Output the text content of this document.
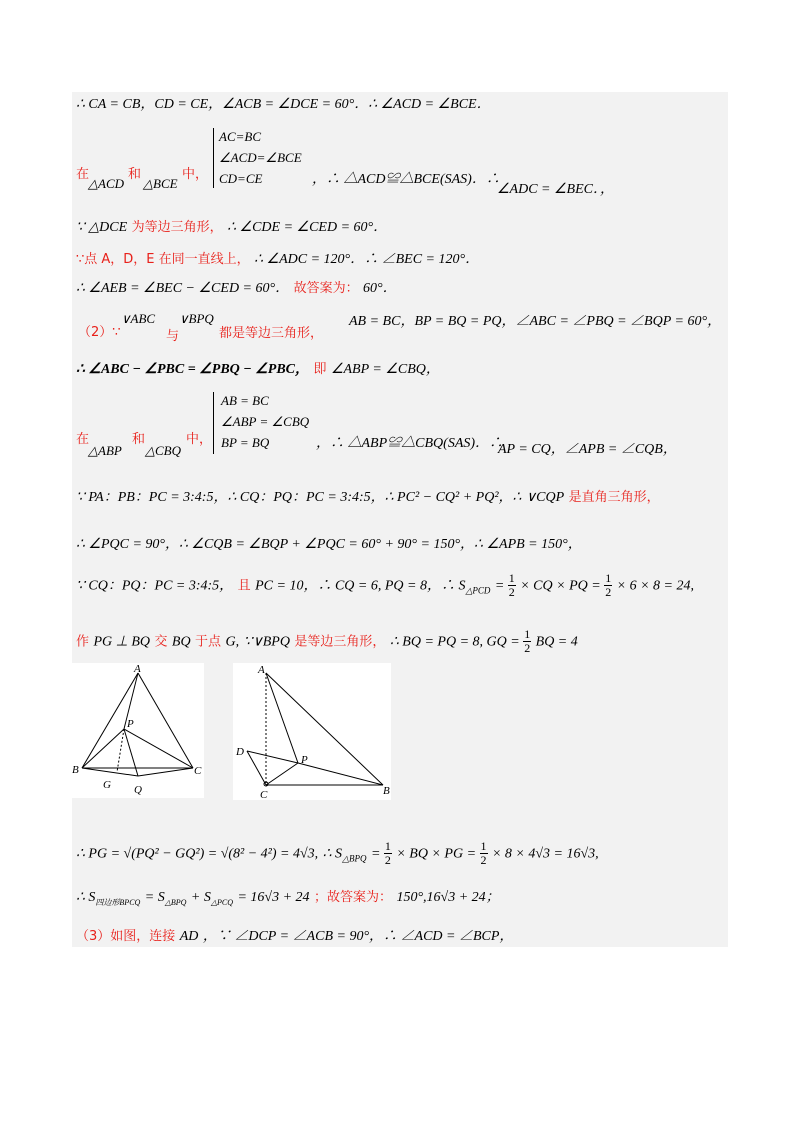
∴ CA = CB，CD = CE，∠ACB = ∠DCE = 60°．∴ ∠ACD = ∠BCE．
在
△ACD
和
△BCE
中，
AC=BC
∠ACD=∠BCE
CD=CE	，∴ △ACD≌△BCE(SAS)．∴
∠ADC = ∠BEC．，
∵ △DCE 为等边三角形， ∴ ∠CDE = ∠CED = 60°．
∵点 A，D，E 在同一直线上， ∴ ∠ADC = 120°．∴ ∠BEC = 120°．
∴ ∠AEB = ∠BEC − ∠CED = 60°． 故答案为： 60°．
（2）∵
∨ABC
与
∨BPQ
都是等边三角形，
AB = BC，BP = BQ = PQ，∠ABC = ∠PBQ = ∠BQP = 60°，
∴ ∠ABC − ∠PBC = ∠PBQ − ∠PBC， 即 ∠ABP = ∠CBQ，
在
△ABP
和
△CBQ
中，
AB = BC
∠ABP = ∠CBQ
BP = BQ	，∴ △ABP≌△CBQ(SAS)．∴
AP = CQ，∠APB = ∠CQB，
∵ PA：PB：PC = 3:4:5，∴ CQ：PQ：PC = 3:4:5，∴ PC² − CQ² + PQ²，∴ ∨CQP 是直角三角形，
∴ ∠PQC = 90°，∴ ∠CQB = ∠BQP + ∠PQC = 60° + 90° = 150°，∴ ∠APB = 150°，
∵ CQ：PQ：PC = 3:4:5， 且 PC = 10，∴ CQ = 6, PQ = 8，∴ $S_{\triangle PCD} = \frac{1}{2}$ × CQ × PQ = $\frac{1}{2} \times 6 \times 8 = 24$,
作 PG ⊥ BQ 交 BQ 于点 G, ∵∨BPQ 是等边三角形， ∴ BQ = PQ = 8, GQ = $\frac{1}{2}$ BQ = 4
A
P
B
G Q
C
A
D
P
C	B
∴ PG = √(PQ² − GQ²) = √(8² − 4²) = 4√3, ∴ $S_{\triangle BPQ} = \frac{1}{2}$ × BQ × PG = $\frac{1}{2} \times 8 \times 4√3 = 16√3$,
∴ $S_{四边形BPCQ} = S_{\triangle BPQ} + S_{\triangle PCQ} = 16√3 + 24$ ；故答案为： 150°,16√3 + 24；
（3）如图，连接 AD ，∵ ∠DCP = ∠ACB = 90°，∴ ∠ACD = ∠BCP，
